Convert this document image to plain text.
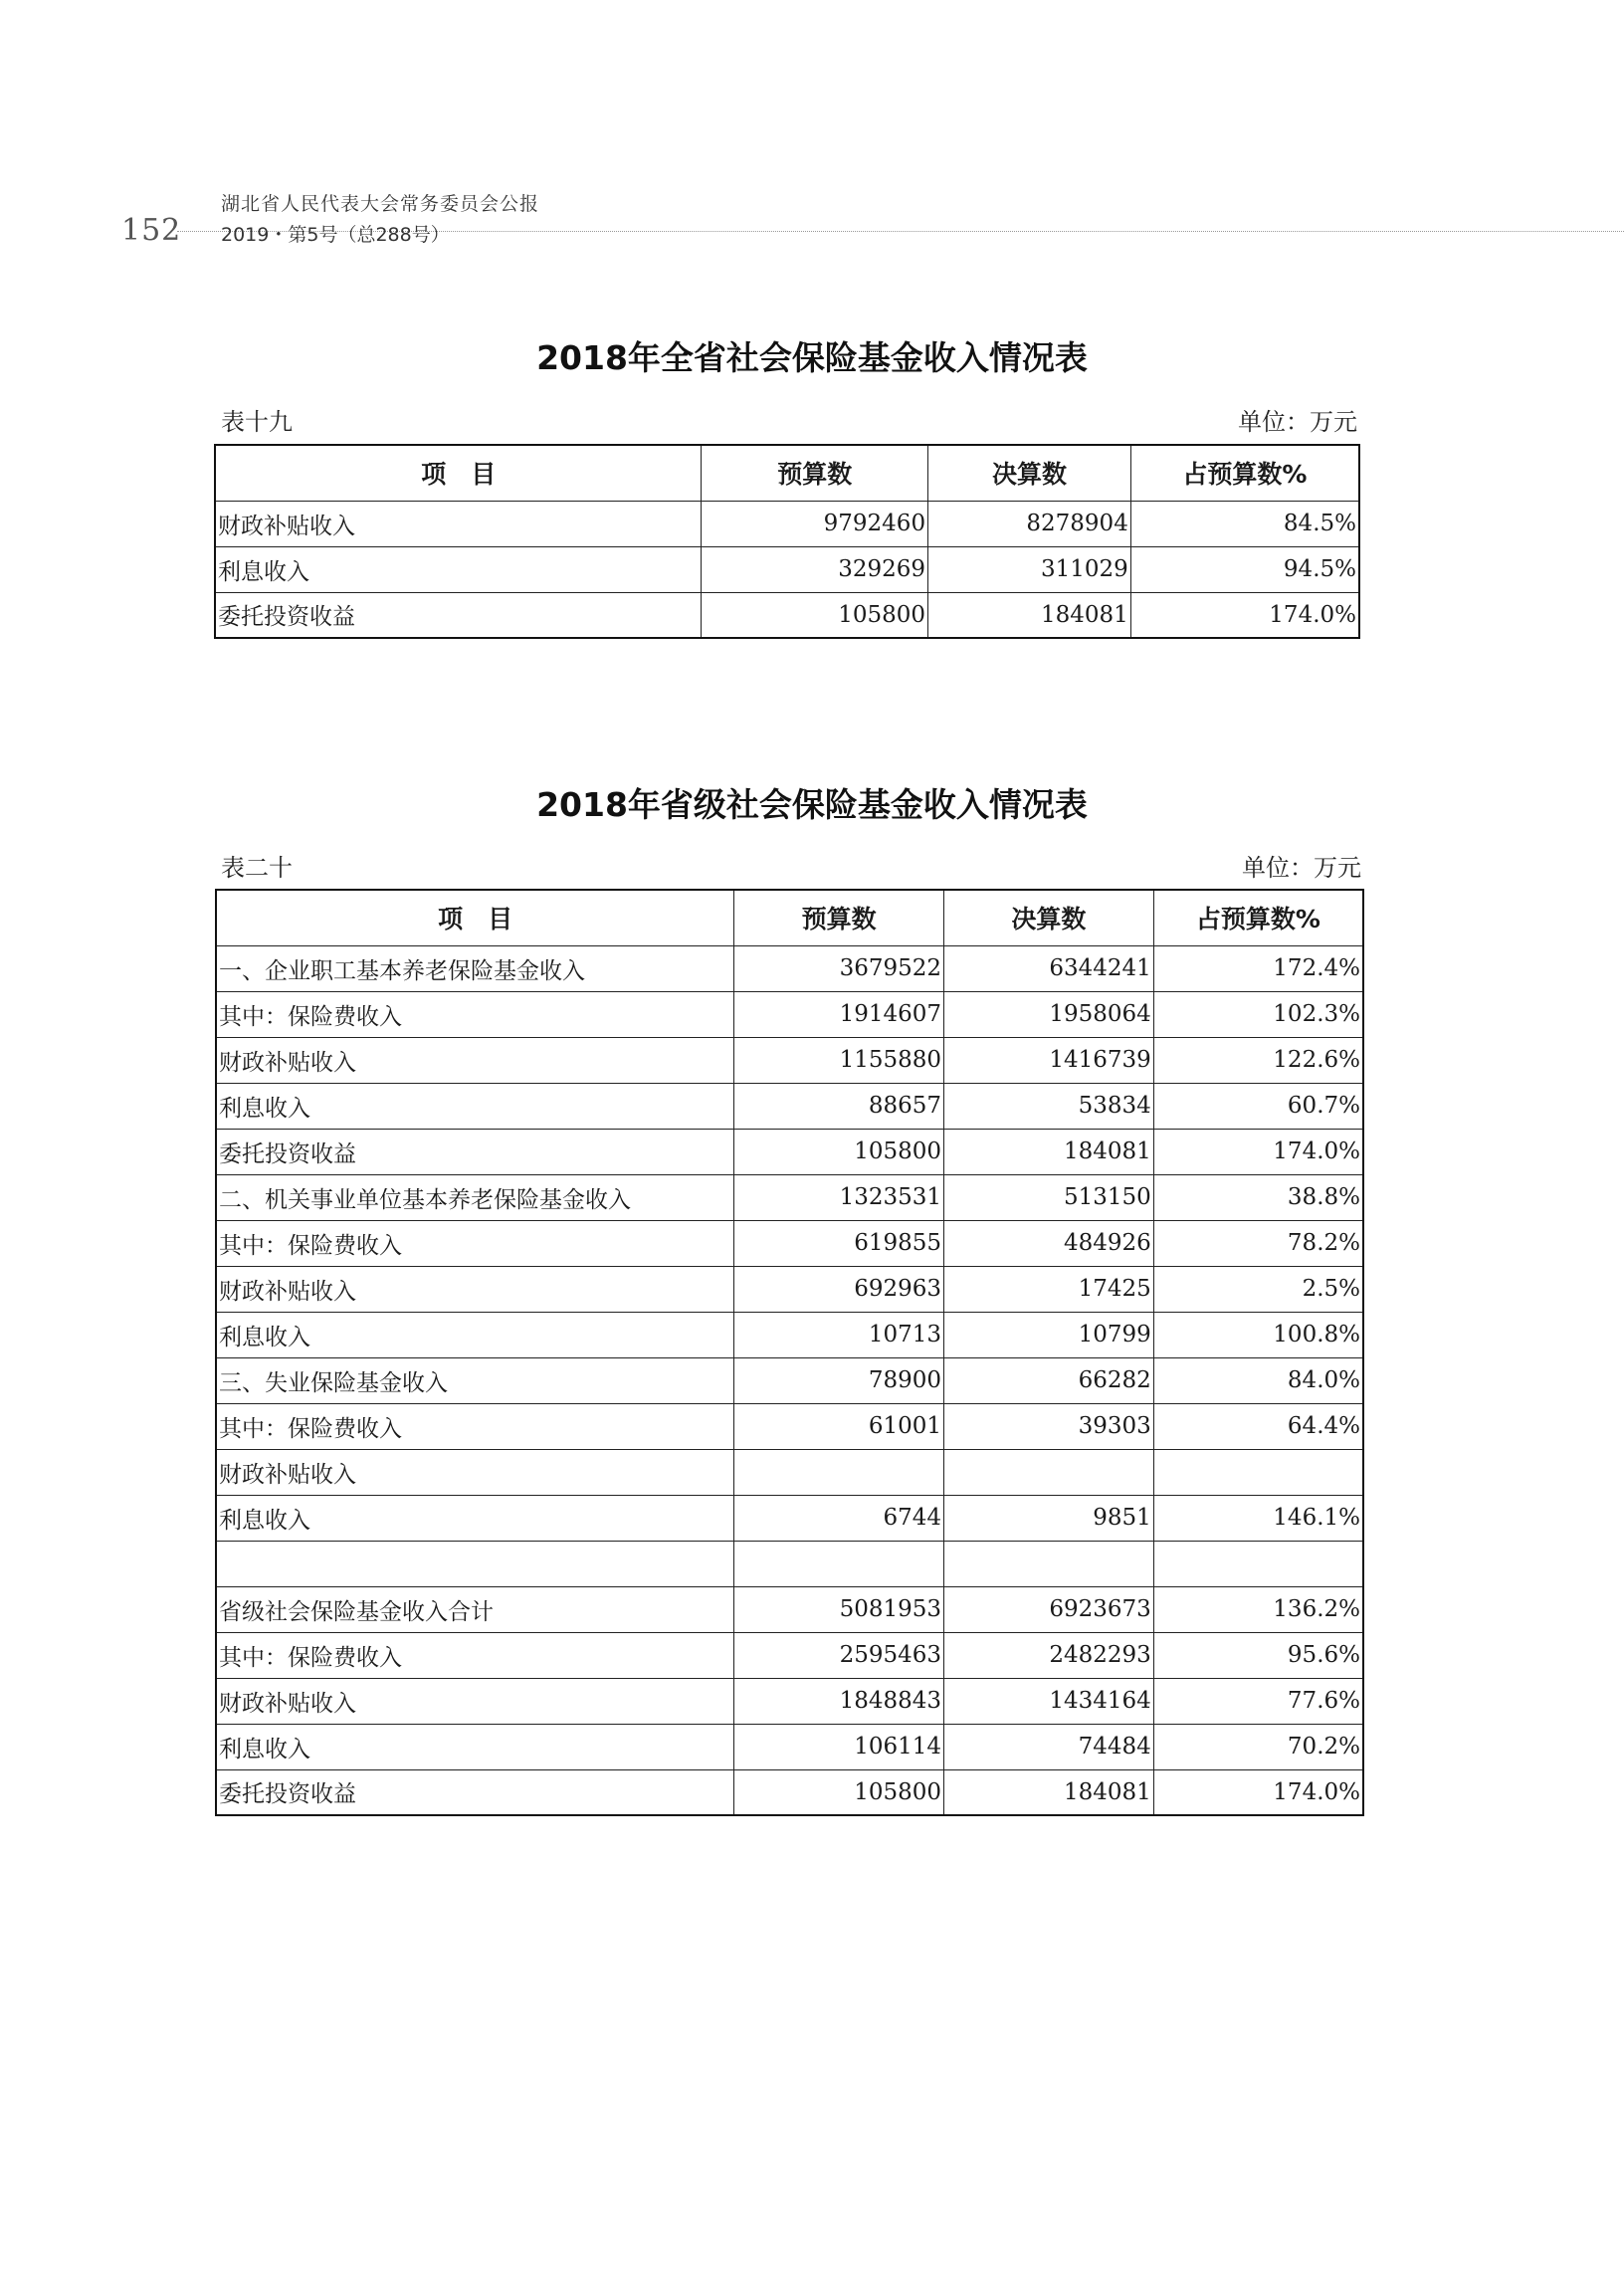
152
湖北省人民代表大会常务委员会公报
2019・第5号（总288号）
2018年全省社会保险基金收入情况表
表十九	单位：万元
项　目	预算数	决算数	占预算数%
财政补贴收入	9792460	8278904	84.5%
利息收入	329269	311029	94.5%
委托投资收益	105800	184081	174.0%
2018年省级社会保险基金收入情况表
表二十	单位：万元
项　目	预算数	决算数	占预算数%
一、企业职工基本养老保险基金收入	3679522	6344241	172.4%
其中：保险费收入	1914607	1958064	102.3%
财政补贴收入	1155880	1416739	122.6%
利息收入	88657	53834	60.7%
委托投资收益	105800	184081	174.0%
二、机关事业单位基本养老保险基金收入	1323531	513150	38.8%
其中：保险费收入	619855	484926	78.2%
财政补贴收入	692963	17425	2.5%
利息收入	10713	10799	100.8%
三、失业保险基金收入	78900	66282	84.0%
其中：保险费收入	61001	39303	64.4%
财政补贴收入			
利息收入	6744	9851	146.1%

省级社会保险基金收入合计	5081953	6923673	136.2%
其中：保险费收入	2595463	2482293	95.6%
财政补贴收入	1848843	1434164	77.6%
利息收入	106114	74484	70.2%
委托投资收益	105800	184081	174.0%
